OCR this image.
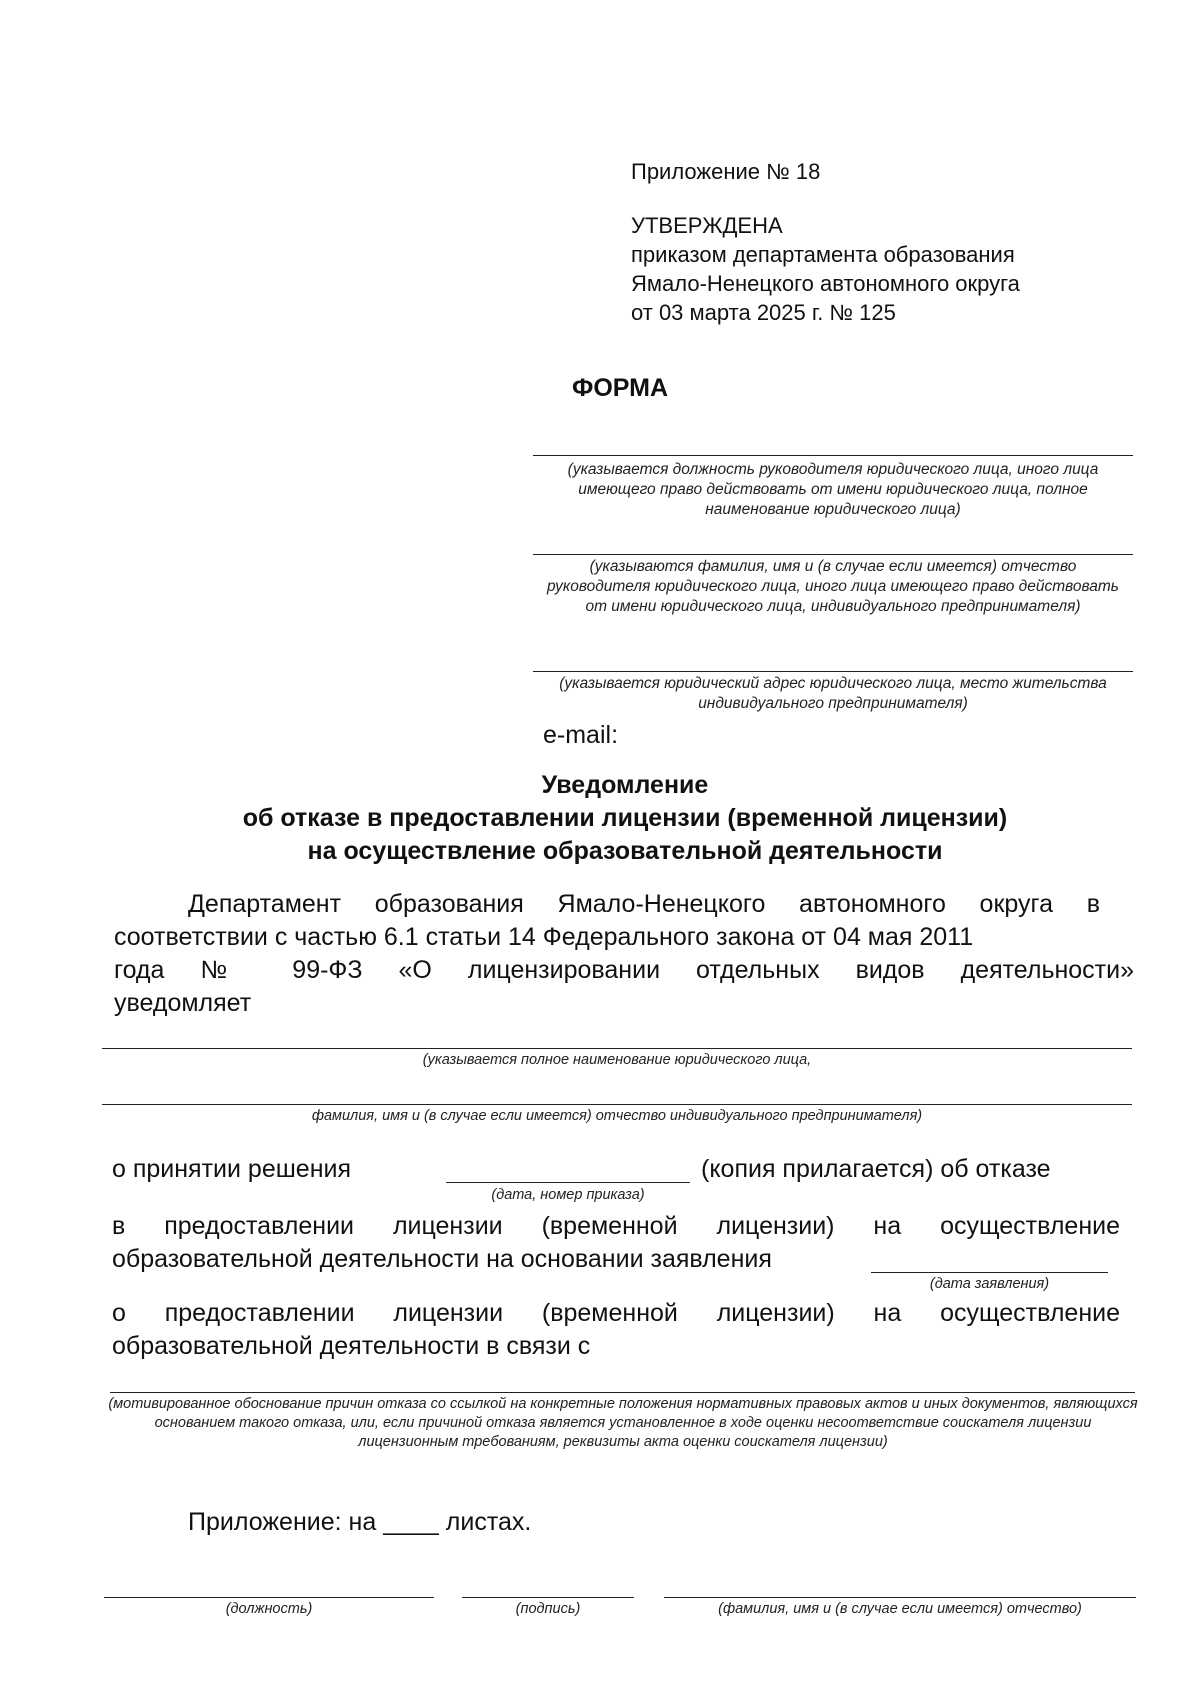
Приложение № 18
УТВЕРЖДЕНА
приказом департамента образования
Ямало-Ненецкого автономного округа
от 03 марта 2025 г. № 125
ФОРМА
(указывается должность руководителя юридического лица, иного лица имеющего право действовать от имени юридического лица, полное наименование юридического лица)
(указываются фамилия, имя и (в случае если имеется) отчество руководителя юридического лица, иного лица имеющего право действовать от имени юридического лица, индивидуального предпринимателя)
(указывается юридический адрес юридического лица, место жительства индивидуального предпринимателя)
e-mail:
Уведомление
об отказе в предоставлении лицензии (временной лицензии)
на осуществление образовательной деятельности
Департамент образования Ямало-Ненецкого автономного округа в
соответствии с частью 6.1 статьи 14 Федерального закона от 04 мая 2011
года № 99-ФЗ «О лицензировании отдельных видов деятельности»
уведомляет
(указывается полное наименование юридического лица,
фамилия, имя и (в случае если имеется) отчество индивидуального предпринимателя)
о принятии решения	(копия прилагается) об отказе
(дата, номер приказа)
в предоставлении лицензии (временной лицензии) на осуществление
образовательной деятельности на основании заявления
(дата заявления)
о предоставлении лицензии (временной лицензии) на осуществление
образовательной деятельности в связи с
(мотивированное обоснование причин отказа со ссылкой на конкретные положения нормативных правовых актов и иных документов, являющихся основанием такого отказа, или, если причиной отказа является установленное в ходе оценки несоответствие соискателя лицензии лицензионным требованиям, реквизиты акта оценки соискателя лицензии)
Приложение: на ____ листах.
(должность)	(подпись)	(фамилия, имя и (в случае если имеется) отчество)
